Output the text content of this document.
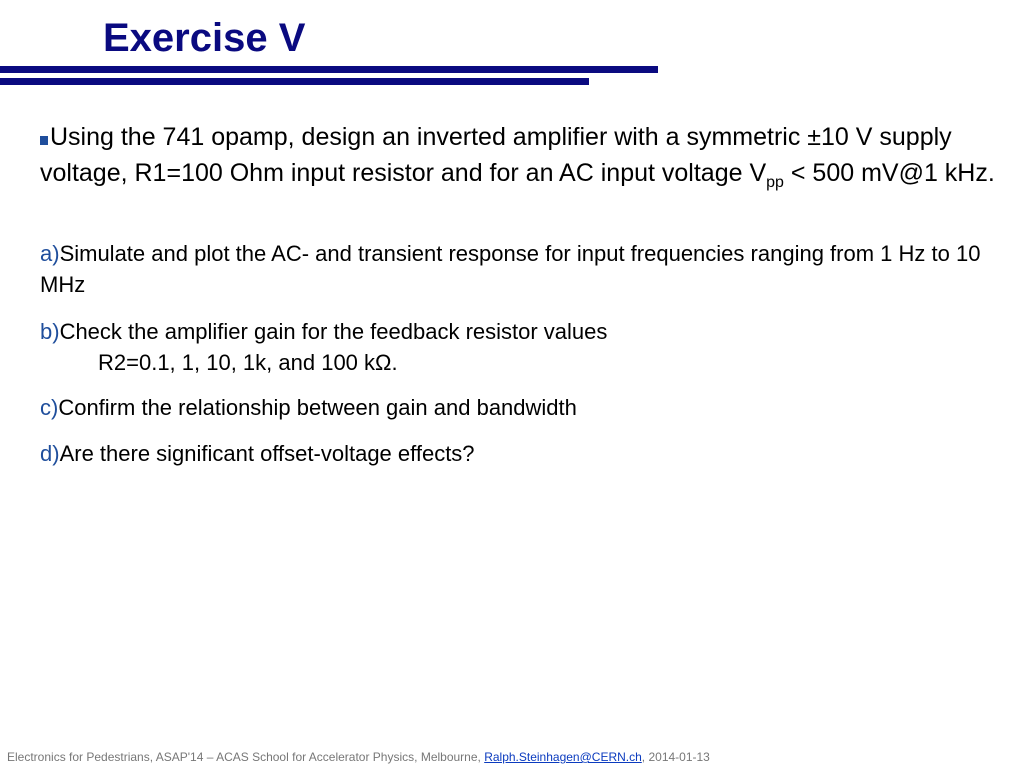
Exercise V
Using the 741 opamp, design an inverted amplifier with a symmetric ±10 V supply voltage, R1=100 Ohm input resistor and for an AC input voltage $V_{pp} < 500$ mV@1 kHz.
a)Simulate and plot the AC- and transient response for input frequencies ranging from 1 Hz to 10 MHz
b)Check the amplifier gain for the feedback resistor values
R2=0.1, 1, 10, 1k, and 100 kΩ.
c)Confirm the relationship between gain and bandwidth
d)Are there significant offset-voltage effects?
Electronics for Pedestrians, ASAP'14 – ACAS School for Accelerator Physics, Melbourne, Ralph.Steinhagen@CERN.ch, 2014-01-13
